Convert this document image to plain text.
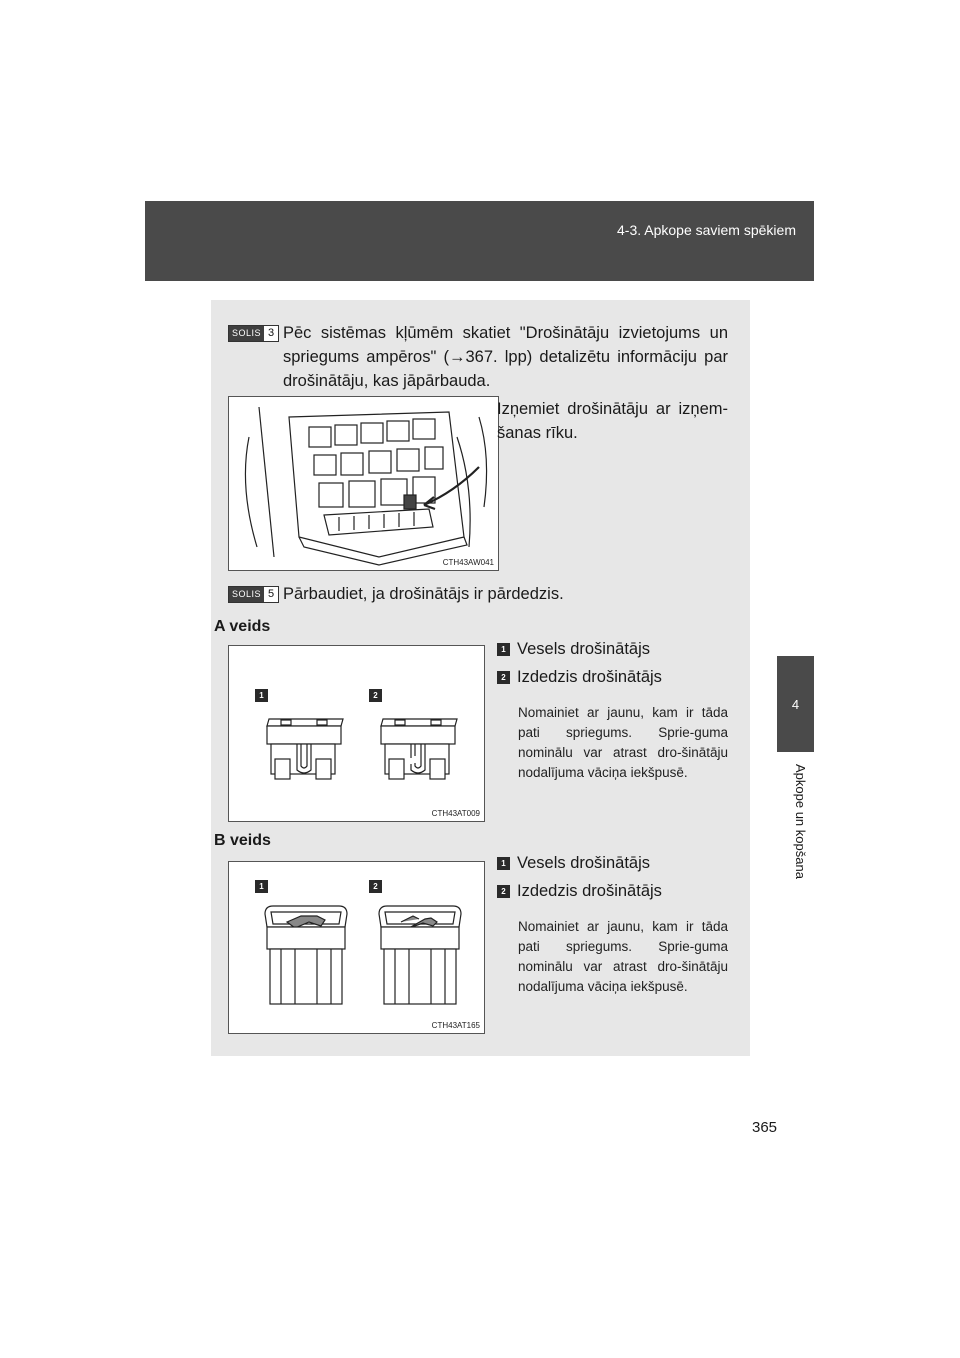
4-3. Apkope saviem spēkiem
4
Apkope un kopšana
SOLIS 3 Pēc sistēmas kļūmēm skatiet "Drošinātāju izvietojums un spriegums ampēros" (→367. lpp) detalizētu informāciju par drošinātāju, kas jāpārbauda.
CTH43AW041
Izņemiet drošinātāju ar izņem-šanas rīku.
SOLIS 5 Pārbaudiet, ja drošinātājs ir pārdedzis.
A veids
1	2
CTH43AT009
1 Vesels drošinātājs
2 Izdedzis drošinātājs
Nomainiet ar jaunu, kam ir tāda pati spriegums. Sprie-guma nominālu var atrast dro-šinātāju nodalījuma vāciņa iekšpusē.
B veids
1	2
CTH43AT165
1 Vesels drošinātājs
2 Izdedzis drošinātājs
Nomainiet ar jaunu, kam ir tāda pati spriegums. Sprie-guma nominālu var atrast dro-šinātāju nodalījuma vāciņa iekšpusē.
365
